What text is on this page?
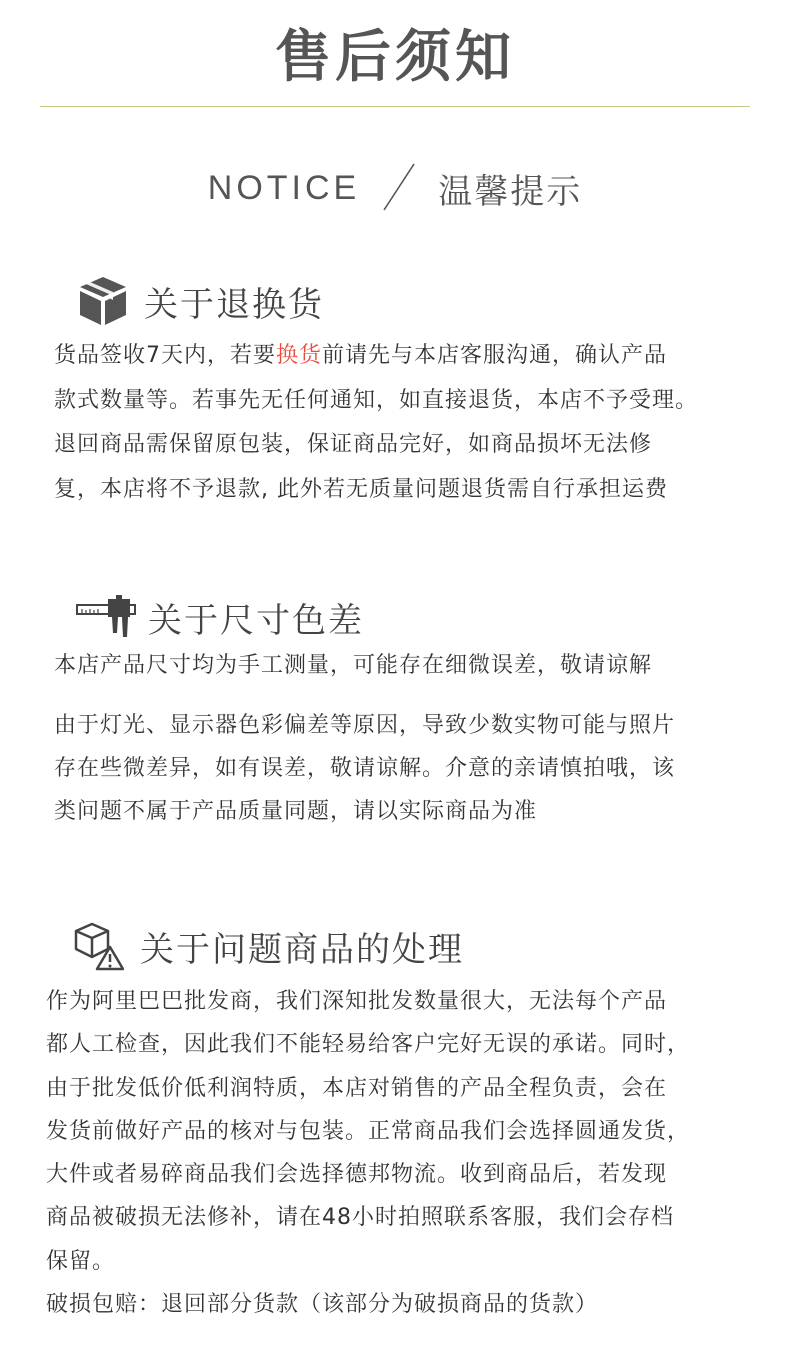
售后须知
NOTICE 温馨提示
关于退换货
货品签收7天内，若要换货前请先与本店客服沟通，确认产品
款式数量等。若事先无任何通知，如直接退货，本店不予受理。
退回商品需保留原包装，保证商品完好，如商品损坏无法修
复，本店将不予退款, 此外若无质量问题退货需自行承担运费
关于尺寸色差
本店产品尺寸均为手工测量，可能存在细微误差，敬请谅解
由于灯光、显示器色彩偏差等原因，导致少数实物可能与照片
存在些微差异，如有误差，敬请谅解。介意的亲请慎拍哦，该
类问题不属于产品质量同题，请以实际商品为准
关于问题商品的处理
作为阿里巴巴批发商，我们深知批发数量很大，无法每个产品
都人工检查，因此我们不能轻易给客户完好无误的承诺。同时，
由于批发低价低利润特质，本店对销售的产品全程负责，会在
发货前做好产品的核对与包装。正常商品我们会选择圆通发货，
大件或者易碎商品我们会选择德邦物流。收到商品后，若发现
商品被破损无法修补，请在48小时拍照联系客服，我们会存档
保留。
破损包赔：退回部分货款（该部分为破损商品的货款）
